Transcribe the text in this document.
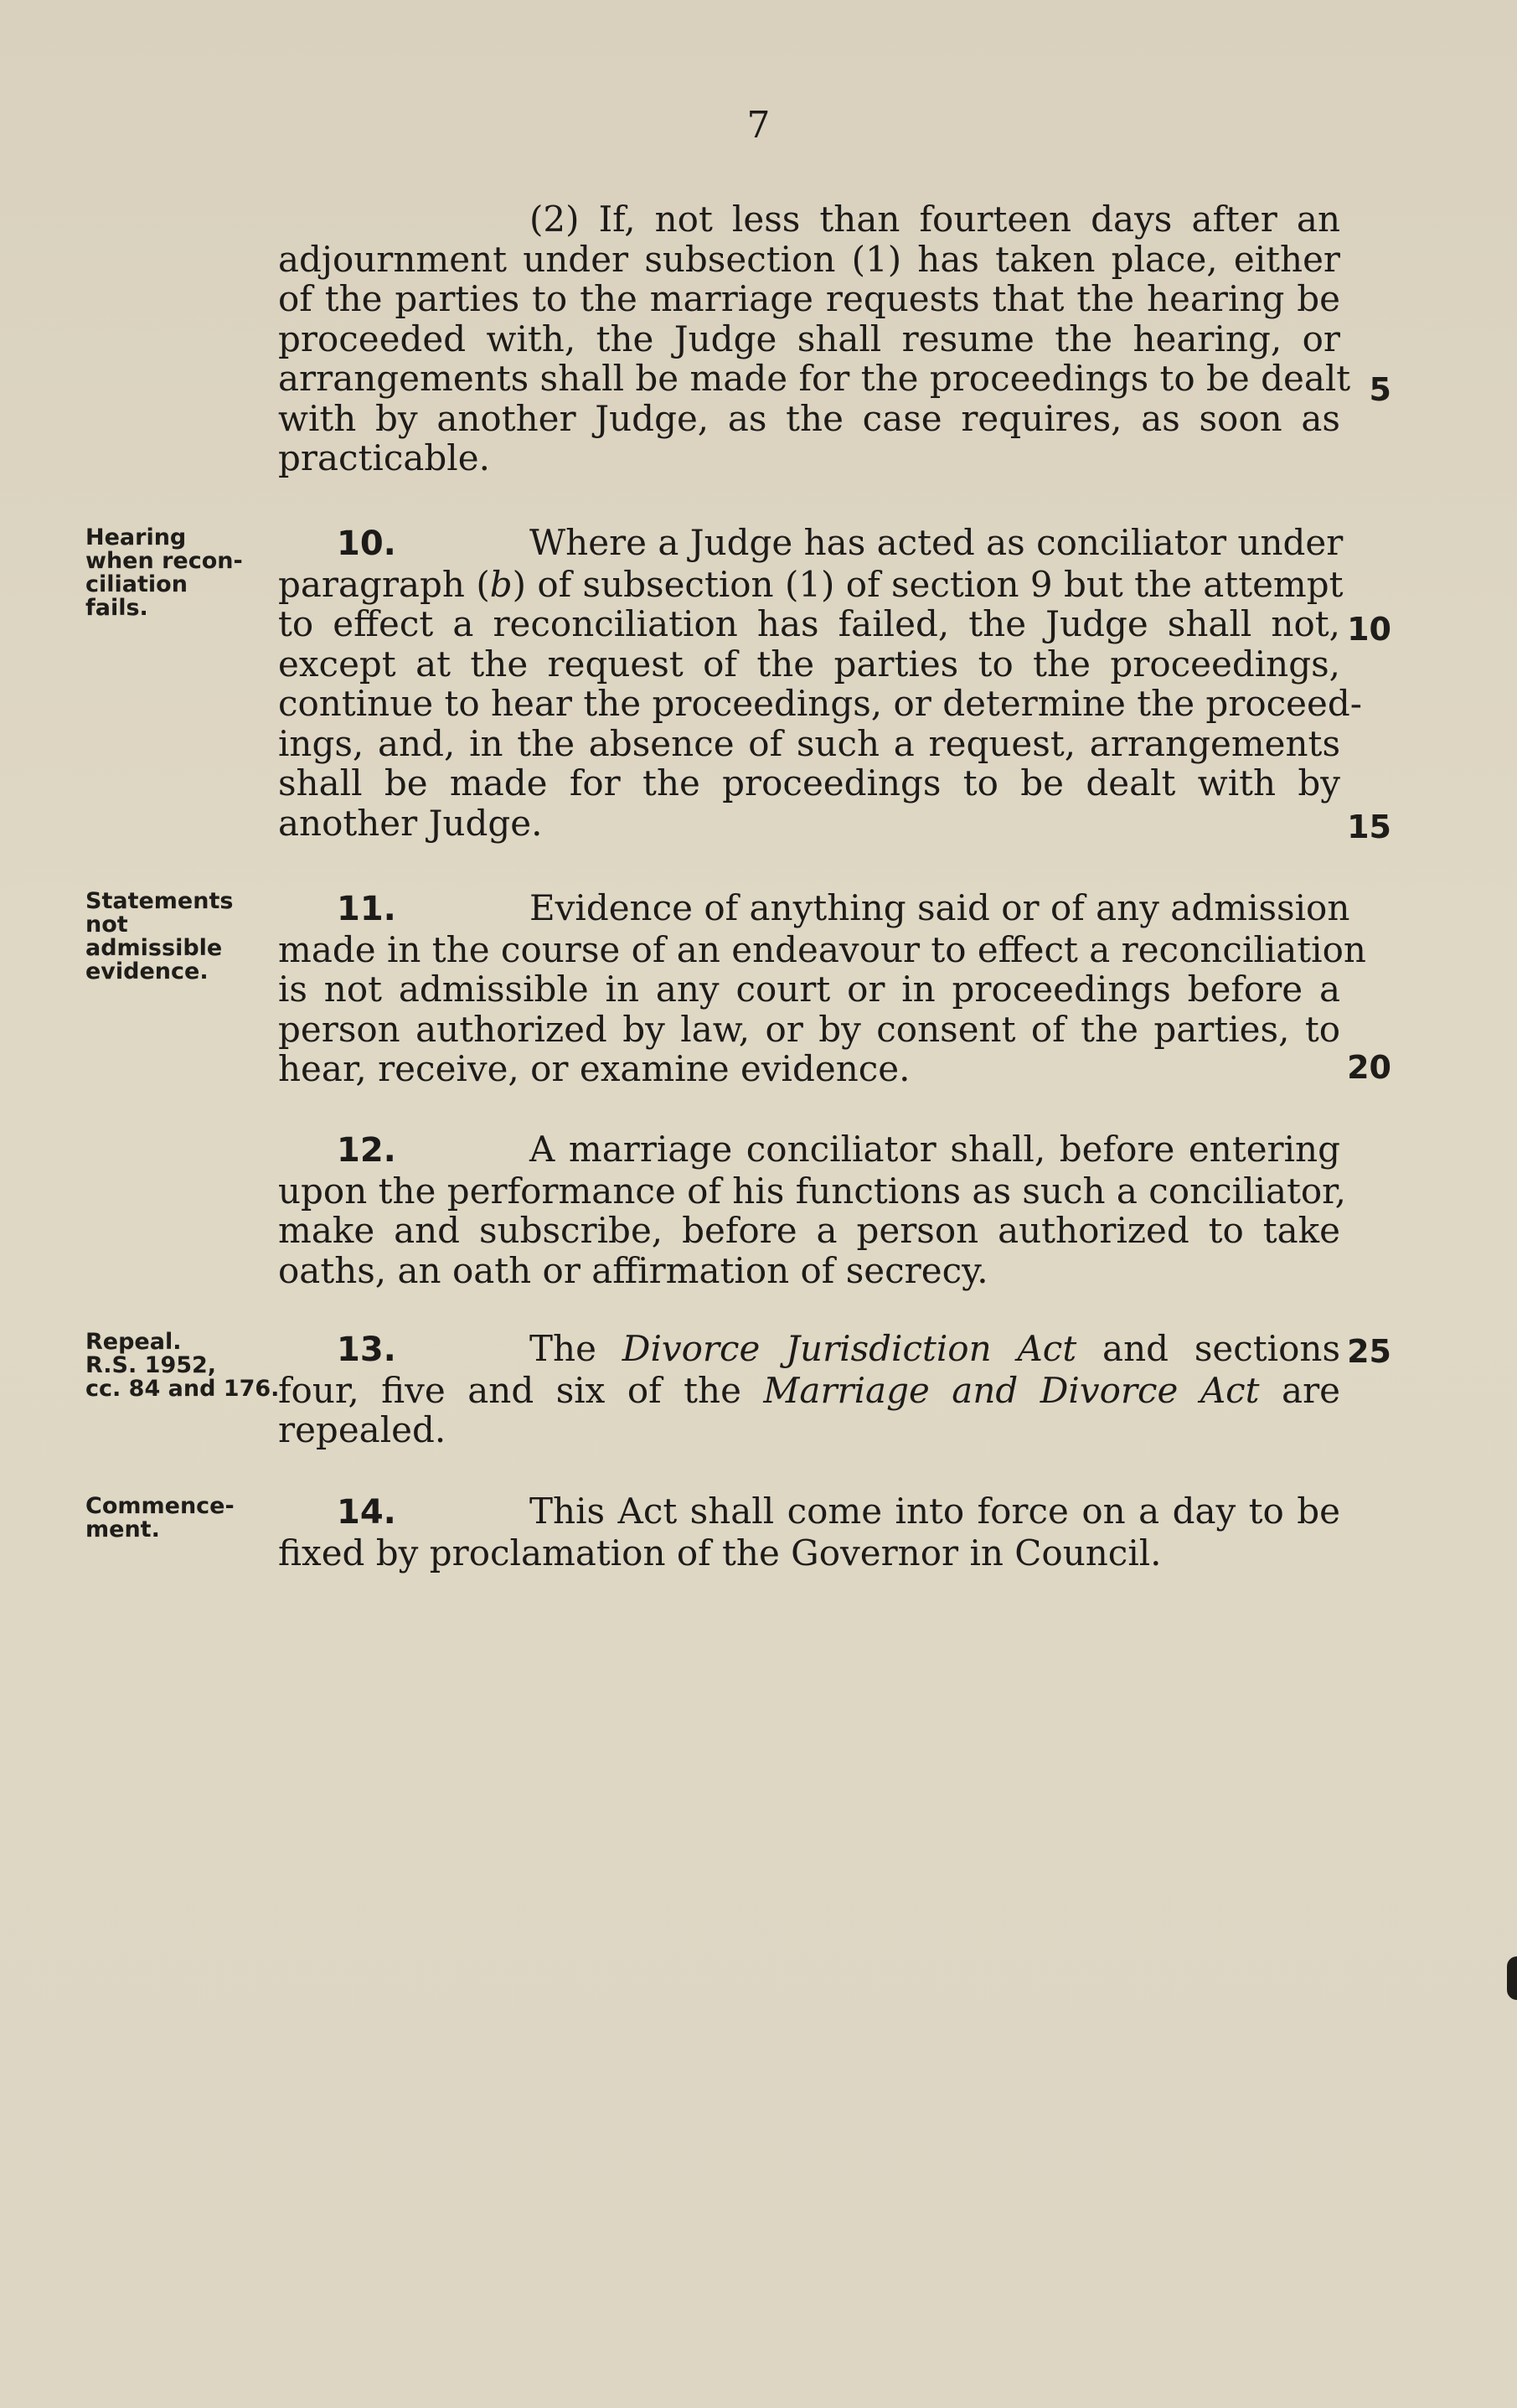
7
(2) If, not less than fourteen days after an
adjournment under subsection (1) has taken place, either
of the parties to the marriage requests that the hearing be
proceeded with, the Judge shall resume the hearing, or
arrangements shall be made for the proceedings to be dealt
with by another Judge, as the case requires, as soon as
practicable.
5
Hearing
when recon-
ciliation
fails.
10.	Where a Judge has acted as conciliator under
paragraph (b) of subsection (1) of section 9 but the attempt
to effect a reconciliation has failed, the Judge shall not,
except at the request of the parties to the proceedings,
continue to hear the proceedings, or determine the proceed-
ings, and, in the absence of such a request, arrangements
shall be made for the proceedings to be dealt with by
another Judge.
10
15
Statements
not
admissible
evidence.
11.	Evidence of anything said or of any admission
made in the course of an endeavour to effect a reconciliation
is not admissible in any court or in proceedings before a
person authorized by law, or by consent of the parties, to
hear, receive, or examine evidence.	20
12.	A marriage conciliator shall, before entering
upon the performance of his functions as such a conciliator,
make and subscribe, before a person authorized to take
oaths, an oath or affirmation of secrecy.
Repeal.
R.S. 1952,
cc. 84 and 176.
13.	The Divorce Jurisdiction Act and sections
four, five and six of the Marriage and Divorce Act are
repealed.
25
Commence-
ment.	14.	This Act shall come into force on a day to be
fixed by proclamation of the Governor in Council.
